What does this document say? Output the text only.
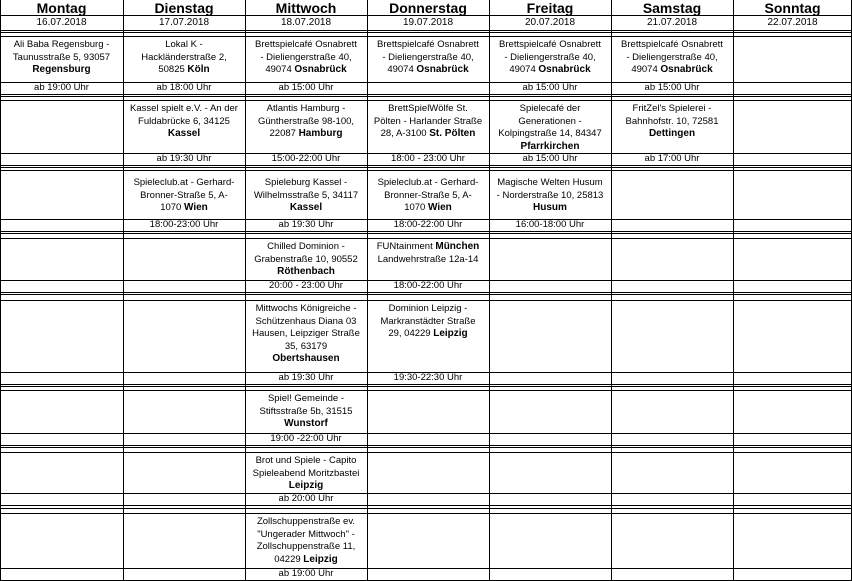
Montag
16.07.2018
Dienstag
17.07.2018
Mittwoch
18.07.2018
Donnerstag
19.07.2018
Freitag
20.07.2018
Samstag
21.07.2018
Sonntag
22.07.2018
Ali Baba Regensburg -
Taunusstraße 5, 93057
Regensburg
ab 19:00 Uhr
Lokal K -
Hackländerstraße 2,
50825 Köln
ab 18:00 Uhr
Brettspielcafé Osnabrett
- Dieliengerstraße 40,
49074 Osnabrück
ab 15:00 Uhr
Brettspielcafé Osnabrett
- Dieliengerstraße 40,
49074 Osnabrück
Brettspielcafé Osnabrett
- Dieliengerstraße 40,
49074 Osnabrück
ab 15:00 Uhr
Brettspielcafé Osnabrett
- Dieliengerstraße 40,
49074 Osnabrück
ab 15:00 Uhr
Kassel spielt e.V. - An der
Fuldabrücke 6, 34125
Kassel
ab 19:30 Uhr
Atlantis Hamburg -
Güntherstraße 98-100,
22087 Hamburg
15:00-22:00 Uhr
BrettSpielWölfe St.
Pölten - Harlander Straße
28, A-3100 St. Pölten
18:00 - 23:00 Uhr
Spielecafé der
Generationen -
Kolpingstraße 14, 84347
Pfarrkirchen
ab 15:00 Uhr
FritZel's Spielerei -
Bahnhofstr. 10, 72581
Dettingen
ab 17:00 Uhr
Spieleclub.at - Gerhard-
Bronner-Straße 5, A-
1070 Wien
18:00-23:00 Uhr
Spieleburg Kassel -
Wilhelmsstraße 5, 34117
Kassel
ab 19:30 Uhr
Spieleclub.at - Gerhard-
Bronner-Straße 5, A-
1070 Wien
18:00-22:00 Uhr
Magische Welten Husum
- Norderstraße 10, 25813
Husum
16:00-18:00 Uhr
Chilled Dominion -
Grabenstraße 10, 90552
Röthenbach
20:00 - 23:00 Uhr
FUNtainment München
Landwehrstraße 12a-14
18:00-22:00 Uhr
Mittwochs Königreiche -
Schützenhaus Diana 03
Hausen, Leipziger Straße
35, 63179
Obertshausen
ab 19:30 Uhr
Dominion Leipzig -
Markranstädter Straße
29, 04229 Leipzig
19:30-22:30 Uhr
Spiel! Gemeinde -
Stiftsstraße 5b, 31515
Wunstorf
19:00 -22:00 Uhr
Brot und Spiele - Capito
Spieleabend Moritzbastei
Leipzig
ab 20:00 Uhr
Zollschuppenstraße ev.
"Ungerader Mittwoch" -
Zollschuppenstraße 11,
04229 Leipzig
ab 19:00 Uhr
